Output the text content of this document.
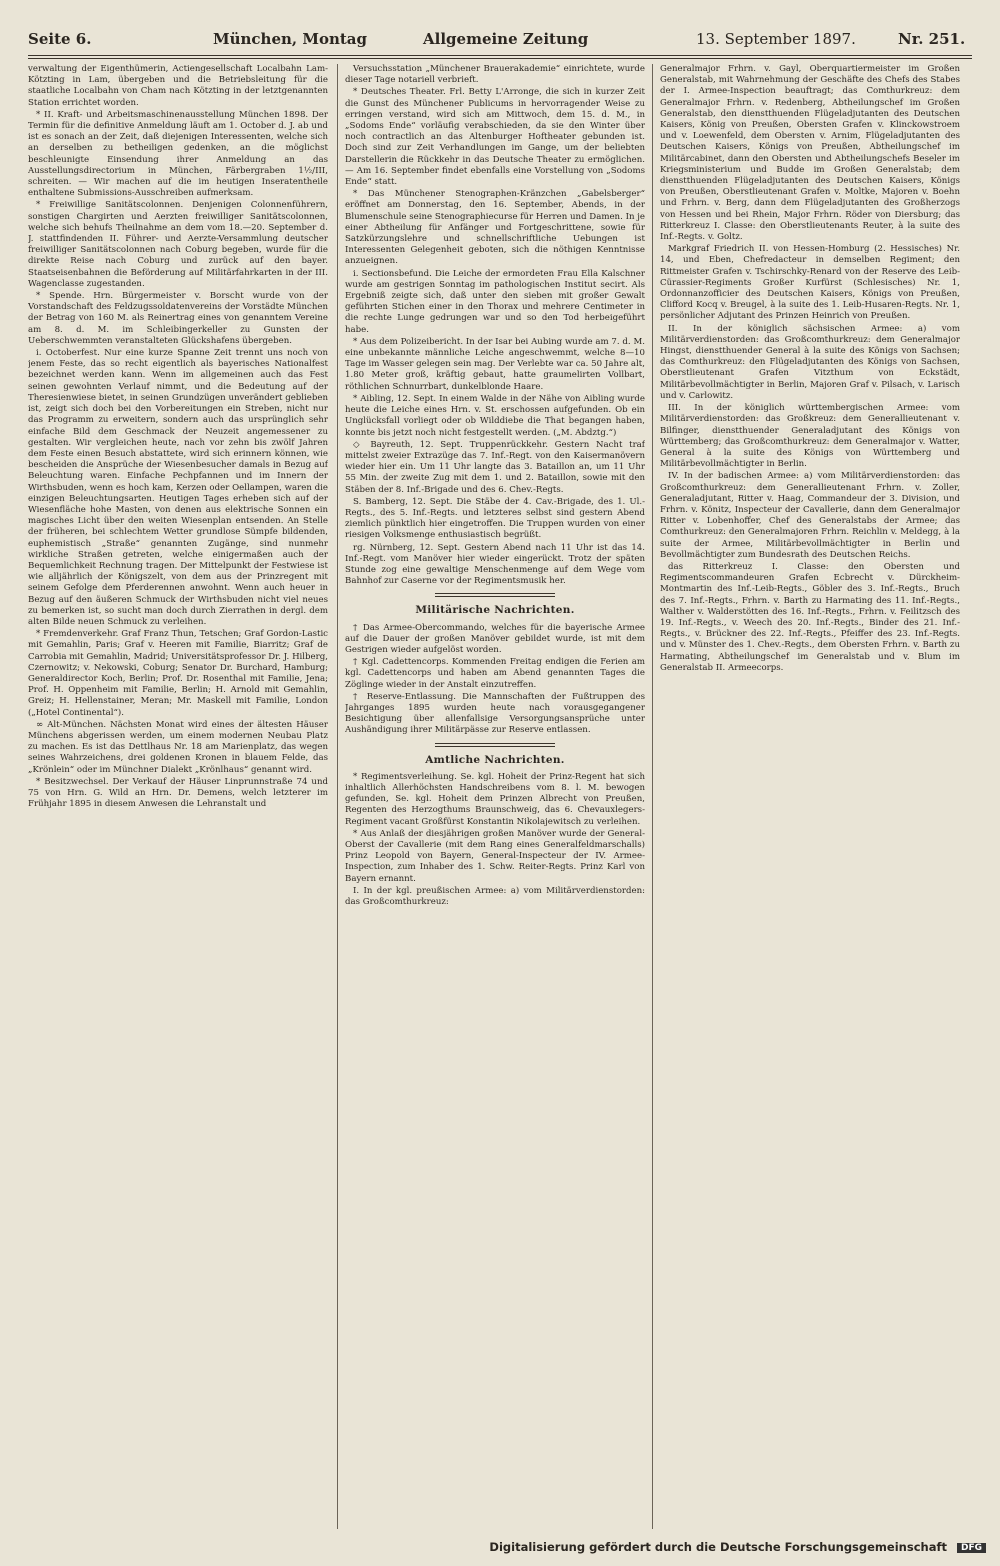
Seite 6.	München, Montag	Allgemeine Zeitung	13. September 1897.	Nr. 251.

verwaltung der Eigenthümerin, Actiengesellschaft Localbahn Lam-Kötzting in Lam, übergeben und die Betriebsleitung für die staatliche Localbahn von Cham nach Kötzting in der letztgenannten Station errichtet worden.

* II. Kraft- und Arbeitsmaschinenausstellung München 1898. Der Termin für die definitive Anmeldung läuft am 1. October d. J. ab und ist es sonach an der Zeit, daß diejenigen Interessenten, welche sich an derselben zu betheiligen gedenken, an die möglichst beschleunigte Einsendung ihrer Anmeldung an das Ausstellungsdirectorium in München, Färbergraben 1½/III, schreiten. — Wir machen auf die im heutigen Inseratentheile enthaltene Submissions-Ausschreiben aufmerksam.

* Freiwillige Sanitätscolonnen. Denjenigen Colonnenführern, sonstigen Chargirten und Aerzten freiwilliger Sanitätscolonnen, welche sich behufs Theilnahme an dem vom 18.—20. September d. J. stattfindenden II. Führer- und Aerzte-Versammlung deutscher freiwilliger Sanitätscolonnen nach Coburg begeben, wurde für die direkte Reise nach Coburg und zurück auf den bayer. Staatseisenbahnen die Beförderung auf Militärfahrkarten in der III. Wagenclasse zugestanden.

* Spende. Hrn. Bürgermeister v. Borscht wurde von der Vorstandschaft des Feldzugssoldatenvereins der Vorstädte München der Betrag von 160 M. als Reinertrag eines von genanntem Vereine am 8. d. M. im Schleibingerkeller zu Gunsten der Ueberschwemmten veranstalteten Glückshafens übergeben.

i. Octoberfest. Nur eine kurze Spanne Zeit trennt uns noch von jenem Feste, das so recht eigentlich als bayerisches Nationalfest bezeichnet werden kann. Wenn im allgemeinen auch das Fest seinen gewohnten Verlauf nimmt, und die Bedeutung auf der Theresienwiese bietet, in seinen Grundzügen unverändert geblieben ist, zeigt sich doch bei den Vorbereitungen ein Streben, nicht nur das Programm zu erweitern, sondern auch das ursprünglich sehr einfache Bild dem Geschmack der Neuzeit angemessener zu gestalten. Wir vergleichen heute, nach vor zehn bis zwölf Jahren dem Feste einen Besuch abstattete, wird sich erinnern können, wie bescheiden die Ansprüche der Wiesenbesucher damals in Bezug auf Beleuchtung waren. Einfache Pechpfannen und im Innern der Wirthsbuden, wenn es hoch kam, Kerzen oder Oellampen, waren die einzigen Beleuchtungsarten. Heutigen Tages erheben sich auf der Wiesenfläche hohe Masten, von denen aus elektrische Sonnen ein magisches Licht über den weiten Wiesenplan entsenden. An Stelle der früheren, bei schlechtem Wetter grundlose Sümpfe bildenden, euphemistisch „Straße“ genannten Zugänge, sind nunmehr wirkliche Straßen getreten, welche einigermaßen auch der Bequemlichkeit Rechnung tragen. Der Mittelpunkt der Festwiese ist wie alljährlich der Königszelt, von dem aus der Prinzregent mit seinem Gefolge dem Pferderennen anwohnt. Wenn auch heuer in Bezug auf den äußeren Schmuck der Wirthsbuden nicht viel neues zu bemerken ist, so sucht man doch durch Zierrathen in dergl. dem alten Bilde neuen Schmuck zu verleihen.

* Fremdenverkehr. Graf Franz Thun, Tetschen; Graf Gordon-Lastic mit Gemahlin, Paris; Graf v. Heeren mit Familie, Biarritz; Graf de Carrobia mit Gemahlin, Madrid; Universitätsprofessor Dr. J. Hilberg, Czernowitz; v. Nekowski, Coburg; Senator Dr. Burchard, Hamburg; Generaldirector Koch, Berlin; Prof. Dr. Rosenthal mit Familie, Jena; Prof. H. Oppenheim mit Familie, Berlin; H. Arnold mit Gemahlin, Greiz; H. Hellenstainer, Meran; Mr. Maskell mit Familie, London („Hotel Continental“).

∞ Alt-München. Nächsten Monat wird eines der ältesten Häuser Münchens abgerissen werden, um einem modernen Neubau Platz zu machen. Es ist das Dettlhaus Nr. 18 am Marienplatz, das wegen seines Wahrzeichens, drei goldenen Kronen in blauem Felde, das „Krönlein“ oder im Münchner Dialekt „Krönlhaus“ genannt wird.

* Besitzwechsel. Der Verkauf der Häuser Linprunnstraße 74 und 75 von Hrn. G. Wild an Hrn. Dr. Demens, welch letzterer im Frühjahr 1895 in diesem Anwesen die Lehranstalt und

Versuchsstation „Münchener Brauerakademie“ einrichtete, wurde dieser Tage notariell verbrieft.

* Deutsches Theater. Frl. Betty L'Arronge, die sich in kurzer Zeit die Gunst des Münchener Publicums in hervorragender Weise zu erringen verstand, wird sich am Mittwoch, dem 15. d. M., in „Sodoms Ende“ vorläufig verabschieden, da sie den Winter über noch contractlich an das Altenburger Hoftheater gebunden ist. Doch sind zur Zeit Verhandlungen im Gange, um der beliebten Darstellerin die Rückkehr in das Deutsche Theater zu ermöglichen. — Am 16. September findet ebenfalls eine Vorstellung von „Sodoms Ende“ statt.

* Das Münchener Stenographen-Kränzchen „Gabelsberger“ eröffnet am Donnerstag, den 16. September, Abends, in der Blumenschule seine Stenographiecurse für Herren und Damen. In je einer Abtheilung für Anfänger und Fortgeschrittene, sowie für Satzkürzungslehre und schnellschriftliche Uebungen ist Interessenten Gelegenheit geboten, sich die nöthigen Kenntnisse anzueignen.

i. Sectionsbefund. Die Leiche der ermordeten Frau Ella Kalschner wurde am gestrigen Sonntag im pathologischen Institut secirt. Als Ergebniß zeigte sich, daß unter den sieben mit großer Gewalt geführten Stichen einer in den Thorax und mehrere Centimeter in die rechte Lunge gedrungen war und so den Tod herbeigeführt habe.

* Aus dem Polizeibericht. In der Isar bei Aubing wurde am 7. d. M. eine unbekannte männliche Leiche angeschwemmt, welche 8—10 Tage im Wasser gelegen sein mag. Der Verlebte war ca. 50 Jahre alt, 1.80 Meter groß, kräftig gebaut, hatte graumelirten Vollbart, röthlichen Schnurrbart, dunkelblonde Haare.

* Aibling, 12. Sept. In einem Walde in der Nähe von Aibling wurde heute die Leiche eines Hrn. v. St. erschossen aufgefunden. Ob ein Unglücksfall vorliegt oder ob Wilddiebe die That begangen haben, konnte bis jetzt noch nicht festgestellt werden. („M. Abdztg.“)

◇ Bayreuth, 12. Sept. Truppenrückkehr. Gestern Nacht traf mittelst zweier Extrazüge das 7. Inf.-Regt. von den Kaisermanövern wieder hier ein. Um 11 Uhr langte das 3. Bataillon an, um 11 Uhr 55 Min. der zweite Zug mit dem 1. und 2. Bataillon, sowie mit den Stäben der 8. Inf.-Brigade und des 6. Chev.-Regts.

S. Bamberg, 12. Sept. Die Stäbe der 4. Cav.-Brigade, des 1. Ul.-Regts., des 5. Inf.-Regts. und letzteres selbst sind gestern Abend ziemlich pünktlich hier eingetroffen. Die Truppen wurden von einer riesigen Volksmenge enthusiastisch begrüßt.

rg. Nürnberg, 12. Sept. Gestern Abend nach 11 Uhr ist das 14. Inf.-Regt. vom Manöver hier wieder eingerückt. Trotz der späten Stunde zog eine gewaltige Menschenmenge auf dem Wege vom Bahnhof zur Caserne vor der Regimentsmusik her.

Militärische Nachrichten.

† Das Armee-Obercommando, welches für die bayerische Armee auf die Dauer der großen Manöver gebildet wurde, ist mit dem Gestrigen wieder aufgelöst worden.

† Kgl. Cadettencorps. Kommenden Freitag endigen die Ferien am kgl. Cadettencorps und haben am Abend genannten Tages die Zöglinge wieder in der Anstalt einzutreffen.

† Reserve-Entlassung. Die Mannschaften der Fußtruppen des Jahrganges 1895 wurden heute nach vorausgegangener Besichtigung über allenfallsige Versorgungsansprüche unter Aushändigung ihrer Militärpässe zur Reserve entlassen.

Amtliche Nachrichten.

* Regimentsverleihung. Se. kgl. Hoheit der Prinz-Regent hat sich inhaltlich Allerhöchsten Handschreibens vom 8. l. M. bewogen gefunden, Se. kgl. Hoheit dem Prinzen Albrecht von Preußen, Regenten des Herzogthums Braunschweig, das 6. Chevauxlegers-Regiment vacant Großfürst Konstantin Nikolajewitsch zu verleihen.

* Aus Anlaß der diesjährigen großen Manöver wurde der General-Oberst der Cavallerie (mit dem Rang eines Generalfeldmarschalls) Prinz Leopold von Bayern, General-Inspecteur der IV. Armee-Inspection, zum Inhaber des 1. Schw. Reiter-Regts. Prinz Karl von Bayern ernannt.

I. In der kgl. preußischen Armee: a) vom Militärverdienstorden: das Großcomthurkreuz:

Generalmajor Frhrn. v. Gayl, Oberquartiermeister im Großen Generalstab, mit Wahrnehmung der Geschäfte des Chefs des Stabes der I. Armee-Inspection beauftragt; das Comthurkreuz: dem Generalmajor Frhrn. v. Redenberg, Abtheilungschef im Großen Generalstab, den dienstthuenden Flügeladjutanten des Deutschen Kaisers, König von Preußen, Obersten Grafen v. Klinckowstroem und v. Loewenfeld, dem Obersten v. Arnim, Flügeladjutanten des Deutschen Kaisers, Königs von Preußen, Abtheilungschef im Militärcabinet, dann den Obersten und Abtheilungschefs Beseler im Kriegsministerium und Budde im Großen Generalstab; dem dienstthuenden Flügeladjutanten des Deutschen Kaisers, Königs von Preußen, Oberstlieutenant Grafen v. Moltke, Majoren v. Boehn und Frhrn. v. Berg, dann dem Flügeladjutanten des Großherzogs von Hessen und bei Rhein, Major Frhrn. Röder von Diersburg; das Ritterkreuz I. Classe: den Oberstlieutenants Reuter, à la suite des Inf.-Regts. v. Goltz.

Markgraf Friedrich II. von Hessen-Homburg (2. Hessisches) Nr. 14, und Eben, Chefredacteur in demselben Regiment; den Rittmeister Grafen v. Tschirschky-Renard von der Reserve des Leib-Cürassier-Regiments Großer Kurfürst (Schlesisches) Nr. 1, Ordonnanzofficier des Deutschen Kaisers, Königs von Preußen, Clifford Kocq v. Breugel, à la suite des 1. Leib-Husaren-Regts. Nr. 1, persönlicher Adjutant des Prinzen Heinrich von Preußen.

II. In der königlich sächsischen Armee: a) vom Militärverdienstorden: das Großcomthurkreuz: dem Generalmajor Hingst, dienstthuender General à la suite des Königs von Sachsen; das Comthurkreuz: den Flügeladjutanten des Königs von Sachsen, Oberstlieutenant Grafen Vitzthum von Eckstädt, Militärbevollmächtigter in Berlin, Majoren Graf v. Pilsach, v. Larisch und v. Carlowitz.

III. In der königlich württembergischen Armee: vom Militärverdienstorden: das Großkreuz: dem Generallieutenant v. Bilfinger, dienstthuender Generaladjutant des Königs von Württemberg; das Großcomthurkreuz: dem Generalmajor v. Watter, General à la suite des Königs von Württemberg und Militärbevollmächtigter in Berlin.

IV. In der badischen Armee: a) vom Militärverdienstorden: das Großcomthurkreuz: dem Generallieutenant Frhrn. v. Zoller, Generaladjutant, Ritter v. Haag, Commandeur der 3. Division, und Frhrn. v. Könitz, Inspecteur der Cavallerie, dann dem Generalmajor Ritter v. Lobenhoffer, Chef des Generalstabs der Armee; das Comthurkreuz: den Generalmajoren Frhrn. Reichlin v. Meldegg, à la suite der Armee, Militärbevollmächtigter in Berlin und Bevollmächtigter zum Bundesrath des Deutschen Reichs.

das Ritterkreuz I. Classe: den Obersten und Regimentscommandeuren Grafen Ecbrecht v. Dürckheim-Montmartin des Inf.-Leib-Regts., Göbler des 3. Inf.-Regts., Bruch des 7. Inf.-Regts., Frhrn. v. Barth zu Harmating des 11. Inf.-Regts., Walther v. Walderstötten des 16. Inf.-Regts., Frhrn. v. Feilitzsch des 19. Inf.-Regts., v. Weech des 20. Inf.-Regts., Binder des 21. Inf.-Regts., v. Brückner des 22. Inf.-Regts., Pfeiffer des 23. Inf.-Regts. und v. Münster des 1. Chev.-Regts., dem Obersten Frhrn. v. Barth zu Harmating, Abtheilungschef im Generalstab und v. Blum im Generalstab II. Armeecorps.

Digitalisierung gefördert durch die Deutsche Forschungsgemeinschaft DFG
